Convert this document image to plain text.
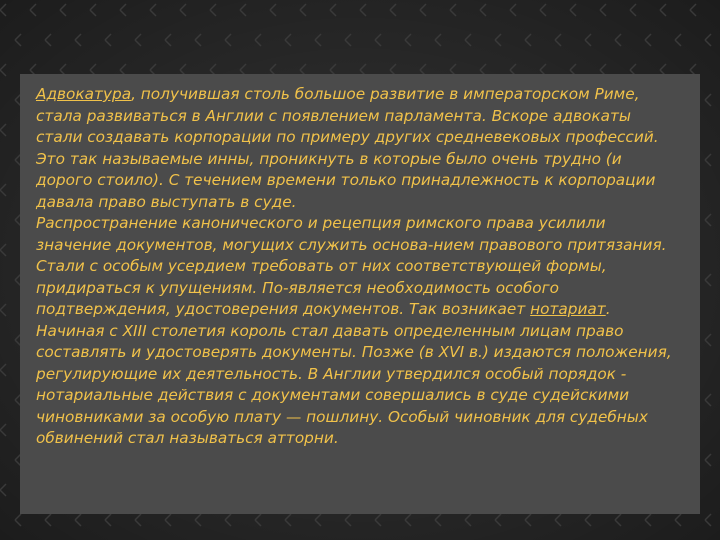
Адвокатура, получившая столь большое развитие в императорском Риме, стала развиваться в Англии с появлением парламента. Вскоре адвокаты стали создавать корпорации по примеру других средневековых профессий. Это так называемые инны, проникнуть в которые было очень трудно (и дорого стоило). С течением времени только принадлежность к корпорации давала право выступать в суде.

Распространение канонического и рецепция римского права усилили значение документов, могущих служить основа-нием правового притязания. Стали с особым усердием требовать от них соответствующей формы, придираться к упущениям. По-является необходимость особого подтверждения, удостоверения документов. Так возникает нотариат. Начиная с XIII столетия король стал давать определенным лицам право составлять и удостоверять документы. Позже (в XVI в.) издаются положения, регулирующие их деятельность. В Англии утвердился особый порядок - нотариальные действия с документами совершались в суде судейскими чиновниками за особую плату — пошлину. Особый чиновник для судебных обвинений стал называться атторни.
